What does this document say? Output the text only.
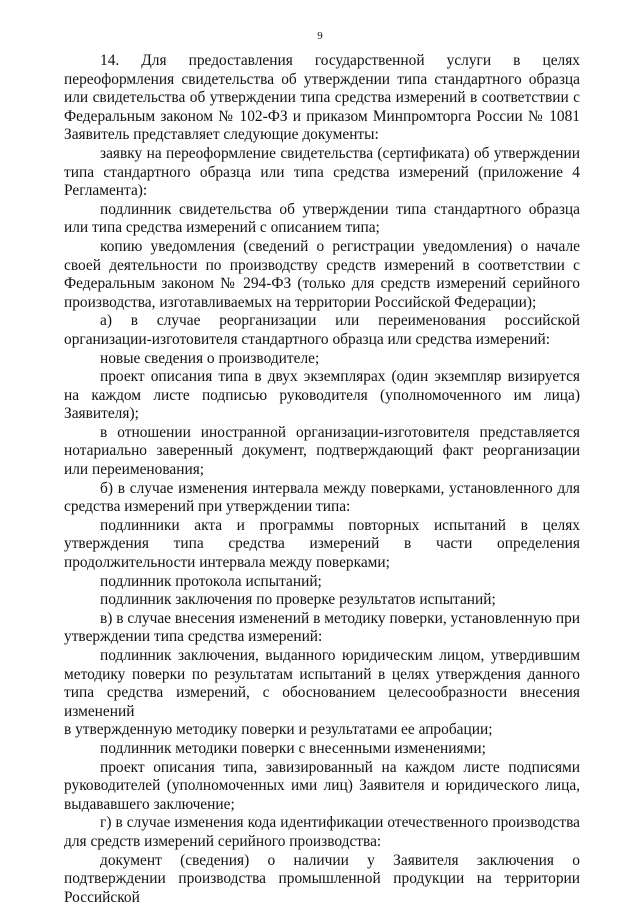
9

14. Для предоставления государственной услуги в целях переоформления свидетельства об утверждении типа стандартного образца или свидетельства об утверждении типа средства измерений в соответствии с Федеральным законом № 102-ФЗ и приказом Минпромторга России № 1081 Заявитель представляет следующие документы:

заявку на переоформление свидетельства (сертификата) об утверждении типа стандартного образца или типа средства измерений (приложение 4 Регламента):

подлинник свидетельства об утверждении типа стандартного образца или типа средства измерений с описанием типа;

копию уведомления (сведений о регистрации уведомления) о начале своей деятельности по производству средств измерений в соответствии с Федеральным законом № 294-ФЗ (только для средств измерений серийного производства, изготавливаемых на территории Российской Федерации);

а) в случае реорганизации или переименования российской организации-изготовителя стандартного образца или средства измерений:

новые сведения о производителе;

проект описания типа в двух экземплярах (один экземпляр визируется на каждом листе подписью руководителя (уполномоченного им лица) Заявителя);

в отношении иностранной организации-изготовителя представляется нотариально заверенный документ, подтверждающий факт реорганизации или переименования;

б) в случае изменения интервала между поверками, установленного для средства измерений при утверждении типа:

подлинники акта и программы повторных испытаний в целях утверждения типа средства измерений в части определения продолжительности интервала между поверками;

подлинник протокола испытаний;

подлинник заключения по проверке результатов испытаний;

в) в случае внесения изменений в методику поверки, установленную при утверждении типа средства измерений:

подлинник заключения, выданного юридическим лицом, утвердившим методику поверки по результатам испытаний в целях утверждения данного типа средства измерений, с обоснованием целесообразности внесения изменений

в утвержденную методику поверки и результатами ее апробации;

подлинник методики поверки с внесенными изменениями;

проект описания типа, завизированный на каждом листе подписями руководителей (уполномоченных ими лиц) Заявителя и юридического лица, выдававшего заключение;

г) в случае изменения кода идентификации отечественного производства для средств измерений серийного производства:

документ (сведения) о наличии у Заявителя заключения о подтверждении производства промышленной продукции на территории Российской
